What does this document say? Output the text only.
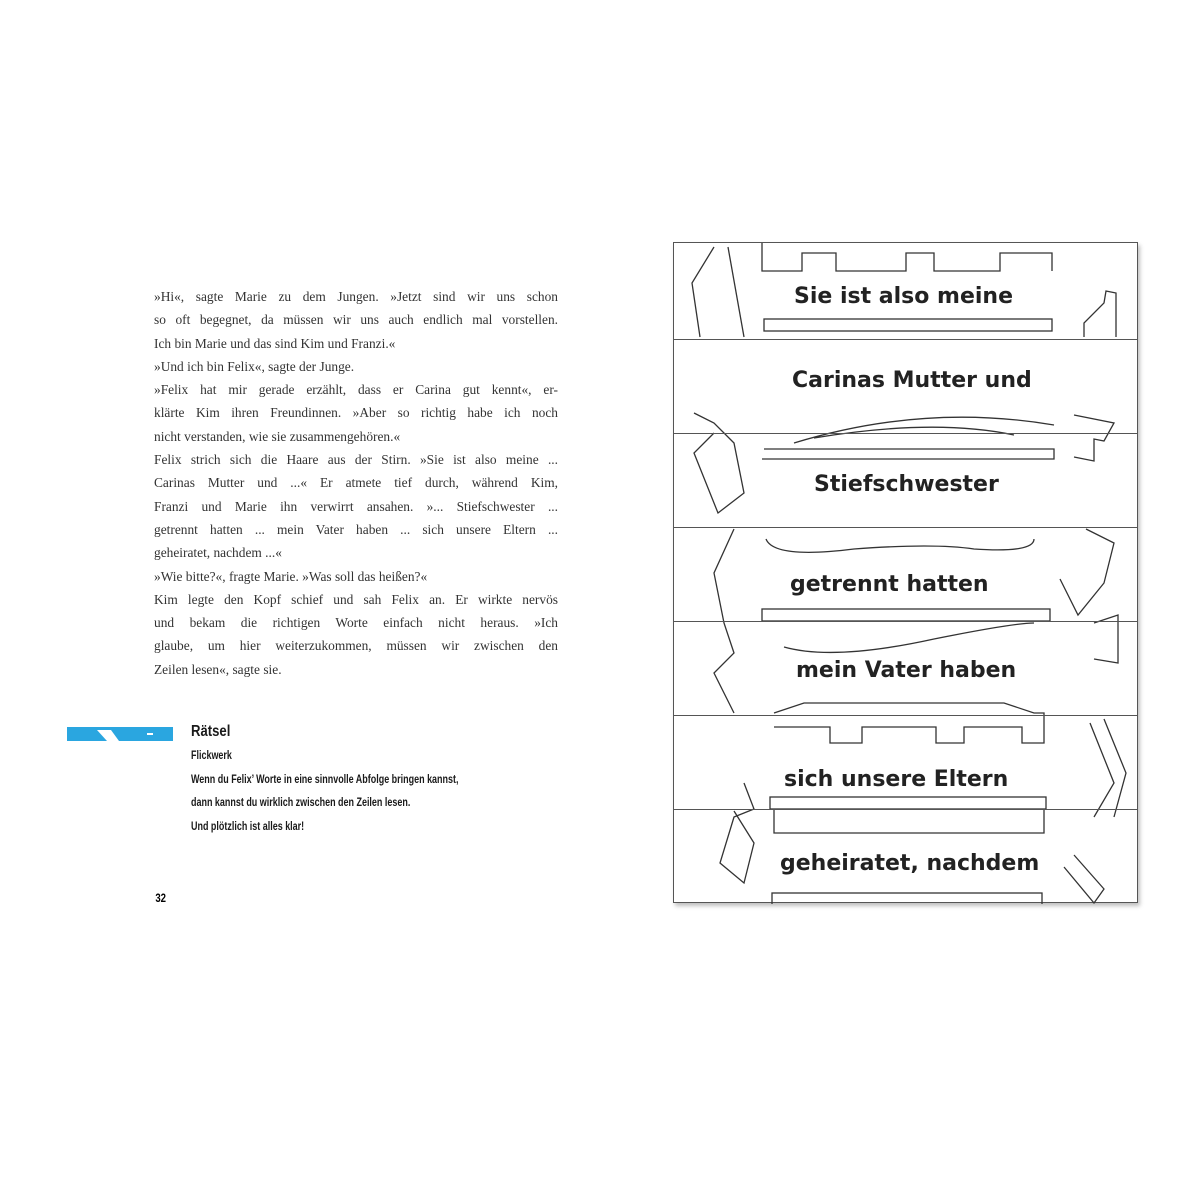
»Hi«, sagte Marie zu dem Jungen. »Jetzt sind wir uns schon
so oft begegnet, da müssen wir uns auch endlich mal vorstellen.
Ich bin Marie und das sind Kim und Franzi.«
»Und ich bin Felix«, sagte der Junge.
»Felix hat mir gerade erzählt, dass er Carina gut kennt«, er-
klärte Kim ihren Freundinnen. »Aber so richtig habe ich noch
nicht verstanden, wie sie zusammengehören.«
Felix strich sich die Haare aus der Stirn. »Sie ist also meine ...
Carinas Mutter und ...« Er atmete tief durch, während Kim,
Franzi und Marie ihn verwirrt ansahen. »... Stiefschwester ...
getrennt hatten ... mein Vater haben ... sich unsere Eltern ...
geheiratet, nachdem ...«
»Wie bitte?«, fragte Marie. »Was soll das heißen?«
Kim legte den Kopf schief und sah Felix an. Er wirkte nervös
und bekam die richtigen Worte einfach nicht heraus. »Ich
glaube, um hier weiterzukommen, müssen wir zwischen den
Zeilen lesen«, sagte sie.
Rätsel
Flickwerk
Wenn du Felix’ Worte in eine sinnvolle Abfolge bringen kannst,
dann kannst du wirklich zwischen den Zeilen lesen.
Und plötzlich ist alles klar!
32
Sie ist also meine
Carinas Mutter und
Stiefschwester
getrennt hatten
mein Vater haben
sich unsere Eltern
geheiratet, nachdem
